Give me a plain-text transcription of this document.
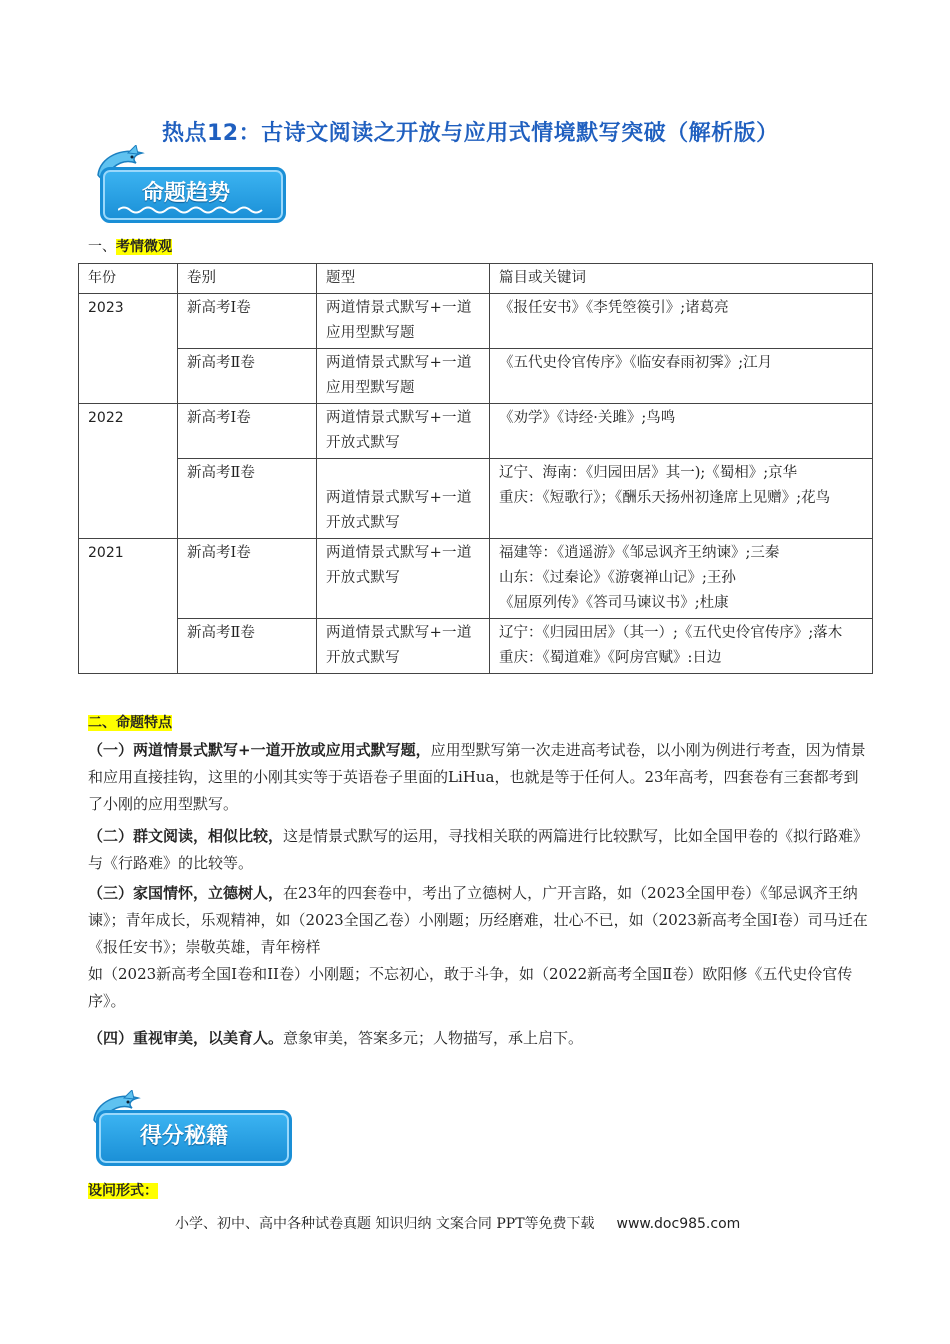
热点12：古诗文阅读之开放与应用式情境默写突破（解析版）
命题趋势
一、考情微观
年份	卷别	题型	篇目或关键词
2023	新高考Ⅰ卷	两道情景式默写+一道应用型默写题	《报任安书》《李凭箜篌引》;诸葛亮

	新高考Ⅱ卷	两道情景式默写+一道应用型默写题	《五代史伶官传序》《临安春雨初霁》;江月

2022	新高考Ⅰ卷	两道情景式默写+一道开放式默写	《劝学》《诗经·关雎》;鸟鸣

	新高考Ⅱ卷	两道情景式默写+一道开放式默写	辽宁、海南：《归园田居》其一);《蜀相》;京华
重庆：《短歌行》；《酬乐天扬州初逢席上见赠》;花鸟

2021	新高考Ⅰ卷	两道情景式默写+一道开放式默写	福建等：《逍遥游》《邹忌讽齐王纳谏》;三秦
山东：《过秦论》《游褒禅山记》;王孙
《屈原列传》《答司马谏议书》;杜康

	新高考Ⅱ卷	两道情景式默写+一道开放式默写	辽宁：《归园田居》（其一）;《五代史伶官传序》;落木
重庆：《蜀道难》《阿房宫赋》:日边
二、命题特点
（一）两道情景式默写+一道开放或应用式默写题，应用型默写第一次走进高考试卷，以小刚为例进行考查，因为情景和应用直接挂钩，这里的小刚其实等于英语卷子里面的LiHua，也就是等于任何人。23年高考，四套卷有三套都考到了小刚的应用型默写。
（二）群文阅读，相似比较，这是情景式默写的运用，寻找相关联的两篇进行比较默写，比如全国甲卷的《拟行路难》与《行路难》的比较等。
（三）家国情怀，立德树人，在23年的四套卷中，考出了立德树人，广开言路，如（2023全国甲卷）《邹忌讽齐王纳谏》；青年成长，乐观精神，如（2023全国乙卷）小刚题；历经磨难，壮心不已，如（2023新高考全国Ⅰ卷）司马迁在《报任安书》；崇敬英雄，青年榜样
如（2023新高考全国Ⅰ卷和II卷）小刚题；不忘初心，敢于斗争，如（2022新高考全国Ⅱ卷）欧阳修《五代史伶官传序》。
（四）重视审美，以美育人。意象审美，答案多元；人物描写，承上启下。
得分秘籍
设问形式：
小学、初中、高中各种试卷真题 知识归纳 文案合同 PPT等免费下载 www.doc985.com
